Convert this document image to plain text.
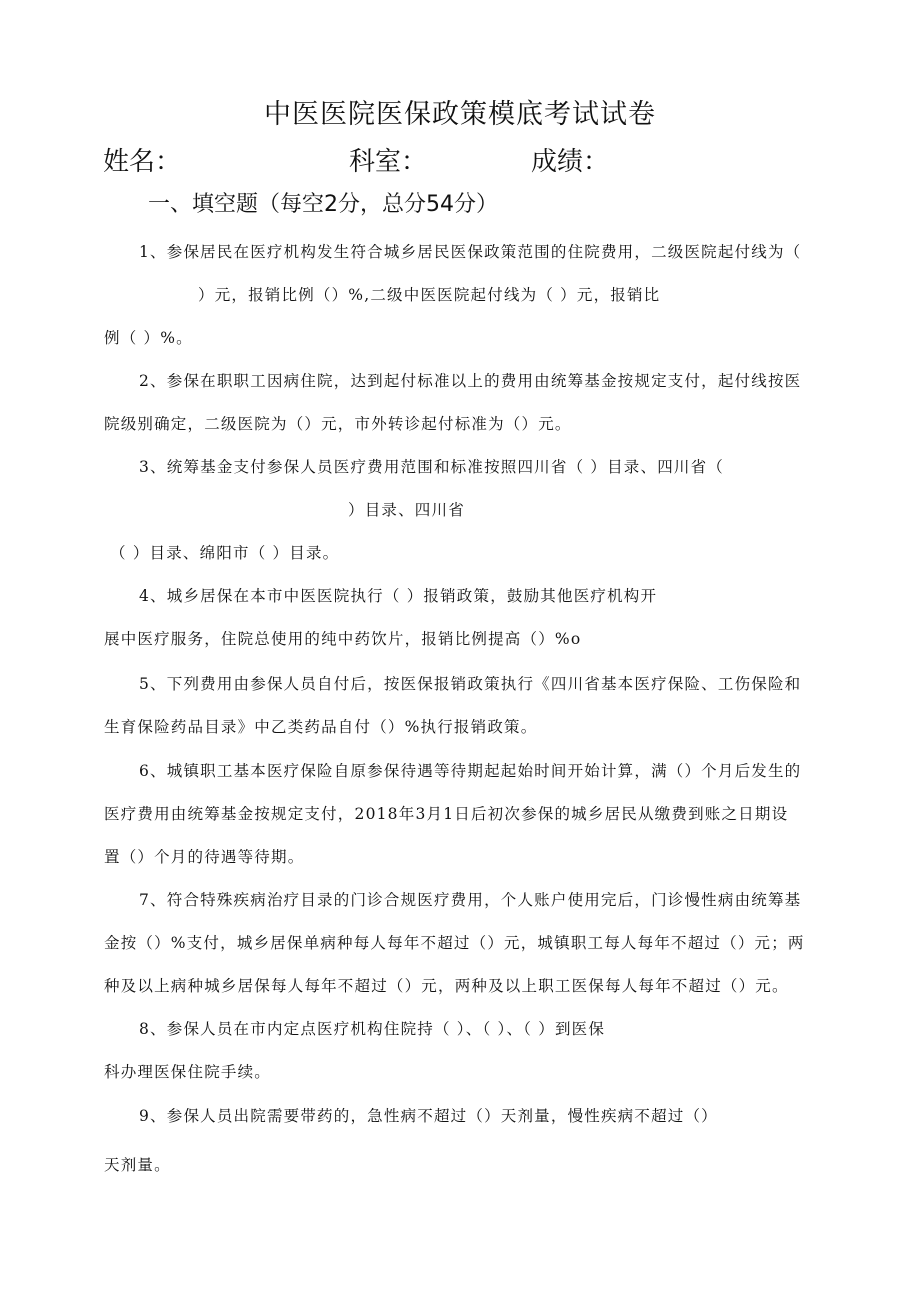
中医医院医保政策模底考试试卷
姓名：	科室：	成绩：
一、填空题（每空2分，总分54分）
1、参保居民在医疗机构发生符合城乡居民医保政策范围的住院费用，二级医院起付线为（
）元，报销比例（）%,二级中医医院起付线为（ ）元，报销比
例（ ）%。
2、参保在职职工因病住院，达到起付标准以上的费用由统筹基金按规定支付，起付线按医
院级别确定，二级医院为（）元，市外转诊起付标准为（）元。
3、统筹基金支付参保人员医疗费用范围和标准按照四川省（ ）目录、四川省（
）目录、四川省
（ ）目录、绵阳市（ ）目录。
4、城乡居保在本市中医医院执行（ ）报销政策，鼓励其他医疗机构开
展中医疗服务，住院总使用的纯中药饮片，报销比例提高（）%o
5、下列费用由参保人员自付后，按医保报销政策执行《四川省基本医疗保险、工伤保险和
生育保险药品目录》中乙类药品自付（）%执行报销政策。
6、城镇职工基本医疗保险自原参保待遇等待期起起始时间开始计算，满（）个月后发生的
医疗费用由统筹基金按规定支付，2018年3月1日后初次参保的城乡居民从缴费到账之日期设
置（）个月的待遇等待期。
7、符合特殊疾病治疗目录的门诊合规医疗费用，个人账户使用完后，门诊慢性病由统筹基
金按（）%支付，城乡居保单病种每人每年不超过（）元，城镇职工每人每年不超过（）元；两
种及以上病种城乡居保每人每年不超过（）元，两种及以上职工医保每人每年不超过（）元。
8、参保人员在市内定点医疗机构住院持（ ）、（ ）、（ ）到医保
科办理医保住院手续。
9、参保人员出院需要带药的，急性病不超过（）天剂量，慢性疾病不超过（）
天剂量。
